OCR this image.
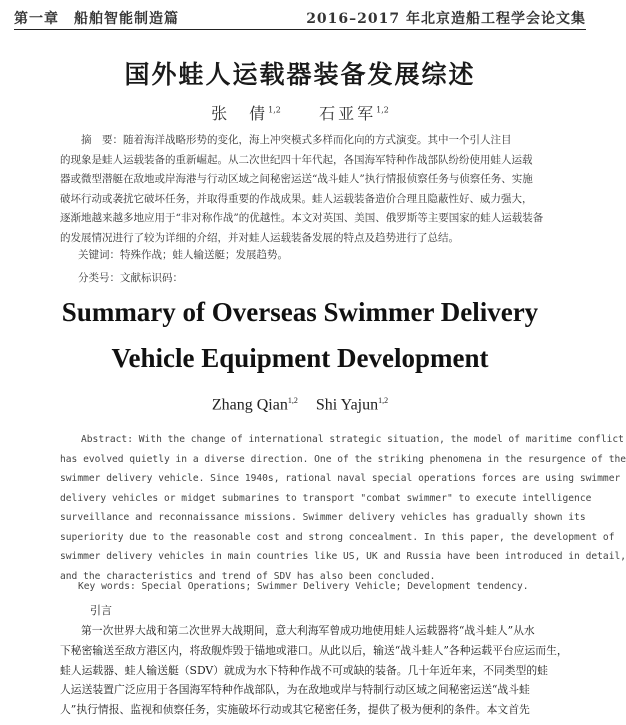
第一章　船舶智能制造篇	2016–2017 年北京造船工程学会论文集
国外蛙人运载器装备发展综述
张　倩$^{1,2}$ 石亚军$^{1,2}$
摘　要：随着海洋战略形势的变化，海上冲突模式多样而化向的方式演变。其中一个引人注目
的现象是蛙人运载装备的重新崛起。从二次世纪四十年代起，各国海军特种作战部队纷纷使用蛙人运载
器或微型潜艇在敌地或岸海港与行动区域之间秘密运送“战斗蛙人”执行情报侦察任务与侦察任务、实施
破坏行动或袭扰它破坏任务，并取得重要的作战成果。蛙人运载装备造价合理且隐蔽性好、威力强大，
逐渐地越来越多地应用于“非对称作战”的优越性。本文对英国、美国、俄罗斯等主要国家的蛙人运载装备
的发展情况进行了较为详细的介绍，并对蛙人运载装备发展的特点及趋势进行了总结。
关键词：特殊作战；蛙人输送艇；发展趋势。
分类号：文献标识码：
Summary of Overseas Swimmer Delivery
Vehicle Equipment Development
Zhang Qian$^{1,2}$ Shi Yajun$^{1,2}$
Abstract: With the change of international strategic situation, the model of maritime conflict
has evolved quietly in a diverse direction. One of the striking phenomena in the resurgence of the
swimmer delivery vehicle. Since 1940s, rational naval special operations forces are using swimmer
delivery vehicles or midget submarines to transport "combat swimmer" to execute intelligence
surveillance and reconnaissance missions. Swimmer delivery vehicles has gradually shown its
superiority due to the reasonable cost and strong concealment. In this paper, the development of
swimmer delivery vehicles in main countries like US, UK and Russia have been introduced in detail,
and the characteristics and trend of SDV has also been concluded.
Key words: Special Operations; Swimmer Delivery Vehicle; Development tendency.
引言
第一次世界大战和第二次世界大战期间，意大利海军曾成功地使用蛙人运载器将“战斗蛙人”从水
下秘密输送至敌方港区内，将敌舰炸毁于锚地或港口。从此以后，输送“战斗蛙人”各种运载平台应运而生，
蛙人运载器、蛙人输送艇（SDV）就成为水下特种作战不可或缺的装备。几十年近年来，不同类型的蛙
人运送装置广泛应用于各国海军特种作战部队，为在敌地或岸与特制行动区域之间秘密运送“战斗蛙
人”执行情报、监视和侦察任务，实施破坏行动或其它秘密任务，提供了极为便利的条件。本文首先
